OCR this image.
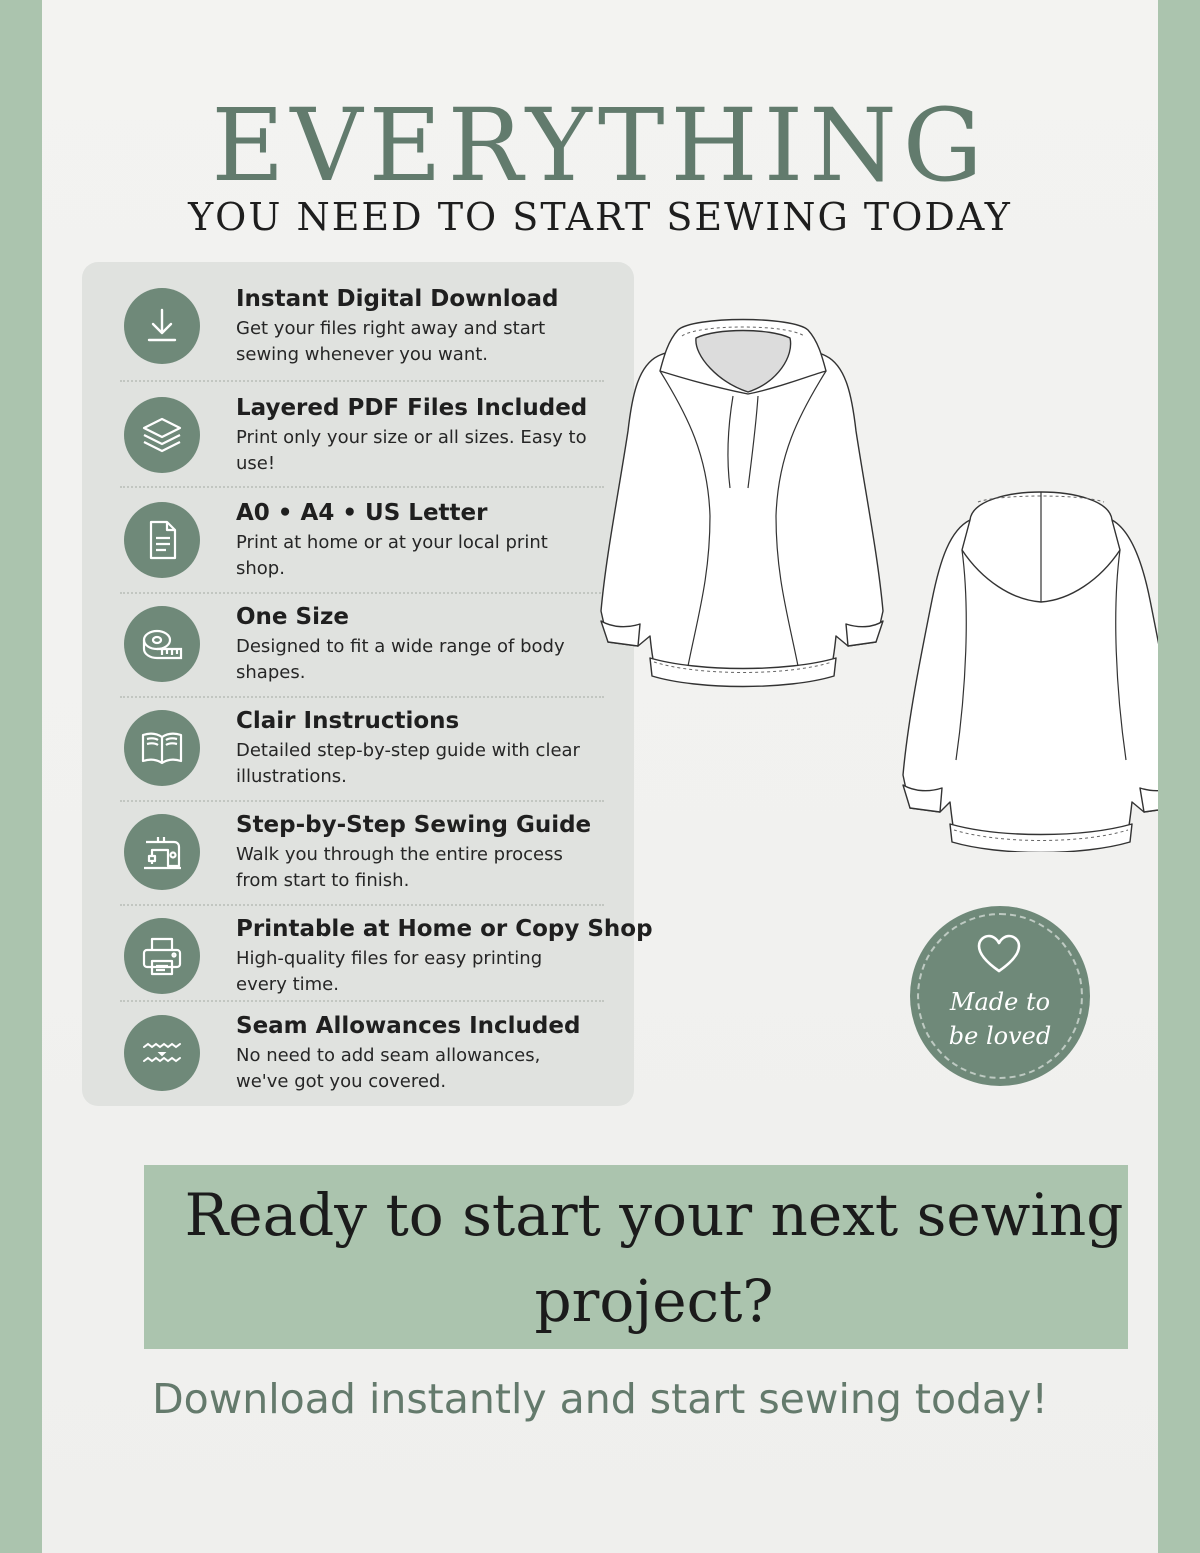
EVERYTHING
YOU NEED TO START SEWING TODAY
Instant Digital Download
Get your files right away and start sewing whenever you want.
Layered PDF Files Included
Print only your size or all sizes. Easy to use!
A0 • A4 • US Letter
Print at home or at your local print shop.
One Size
Designed to fit a wide range of body shapes.
Clair Instructions
Detailed step-by-step guide with clear illustrations.
Step-by-Step Sewing Guide
Walk you through the entire process from start to finish.
Printable at Home or Copy Shop
High-quality files for easy printing every time.
Seam Allowances Included
No need to add seam allowances, we've got you covered.
Made to
be loved
Ready to start your next sewing project?
Download instantly and start sewing today!
